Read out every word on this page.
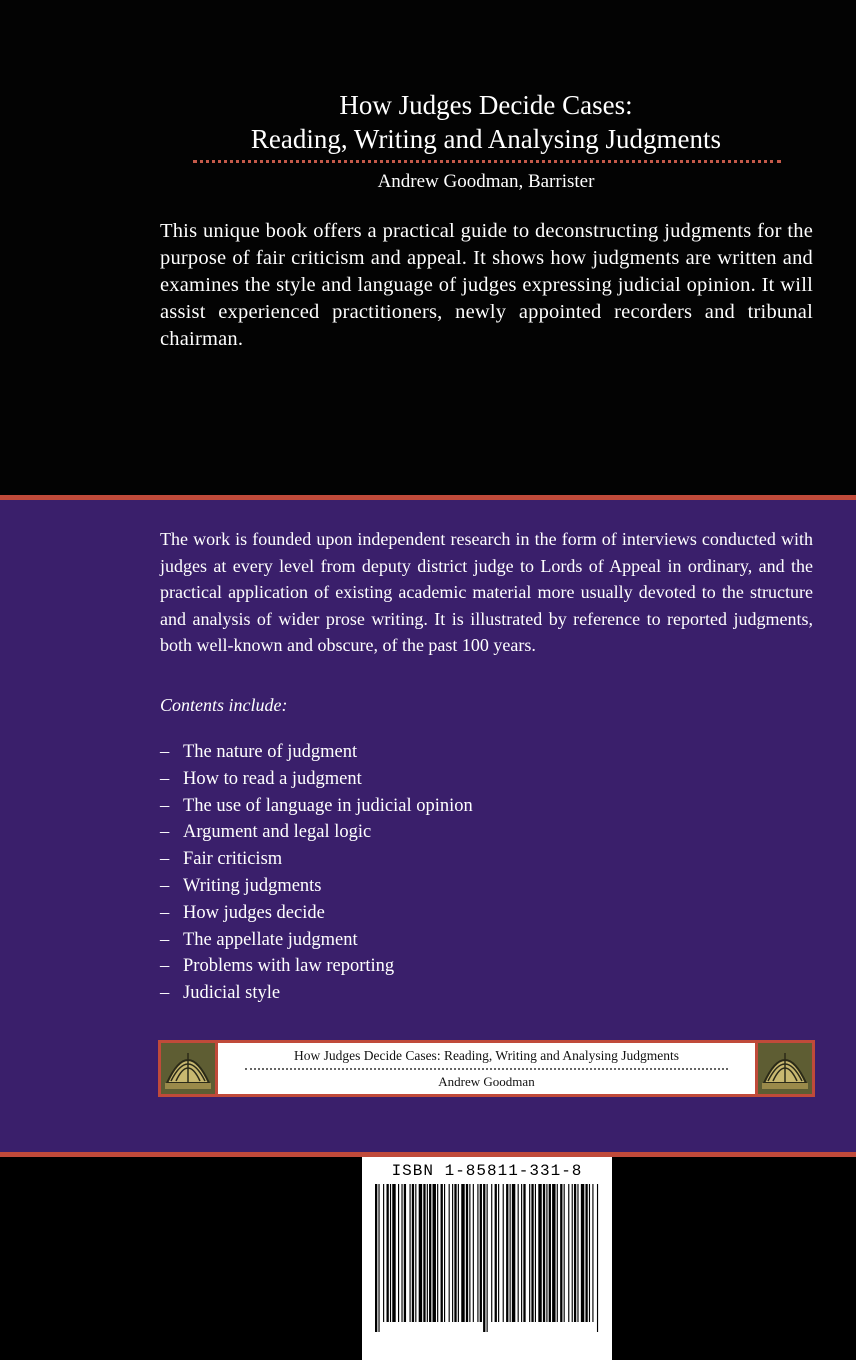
How Judges Decide Cases:
Reading, Writing and Analysing Judgments
Andrew Goodman, Barrister
This unique book offers a practical guide to deconstructing judgments for the purpose of fair criticism and appeal. It shows how judgments are written and examines the style and language of judges expressing judicial opinion. It will assist experienced practitioners, newly appointed recorders and tribunal chairman.
The work is founded upon independent research in the form of interviews conducted with judges at every level from deputy district judge to Lords of Appeal in ordinary, and the practical application of existing academic material more usually devoted to the structure and analysis of wider prose writing. It is illustrated by reference to reported judgments, both well-known and obscure, of the past 100 years.
Contents include:
– The nature of judgment
– How to read a judgment
– The use of language in judicial opinion
– Argument and legal logic
– Fair criticism
– Writing judgments
– How judges decide
– The appellate judgment
– Problems with law reporting
– Judicial style
How Judges Decide Cases: Reading, Writing and Analysing Judgments
Andrew Goodman
ISBN 1-85811-331-8
9 781858 113319 >
